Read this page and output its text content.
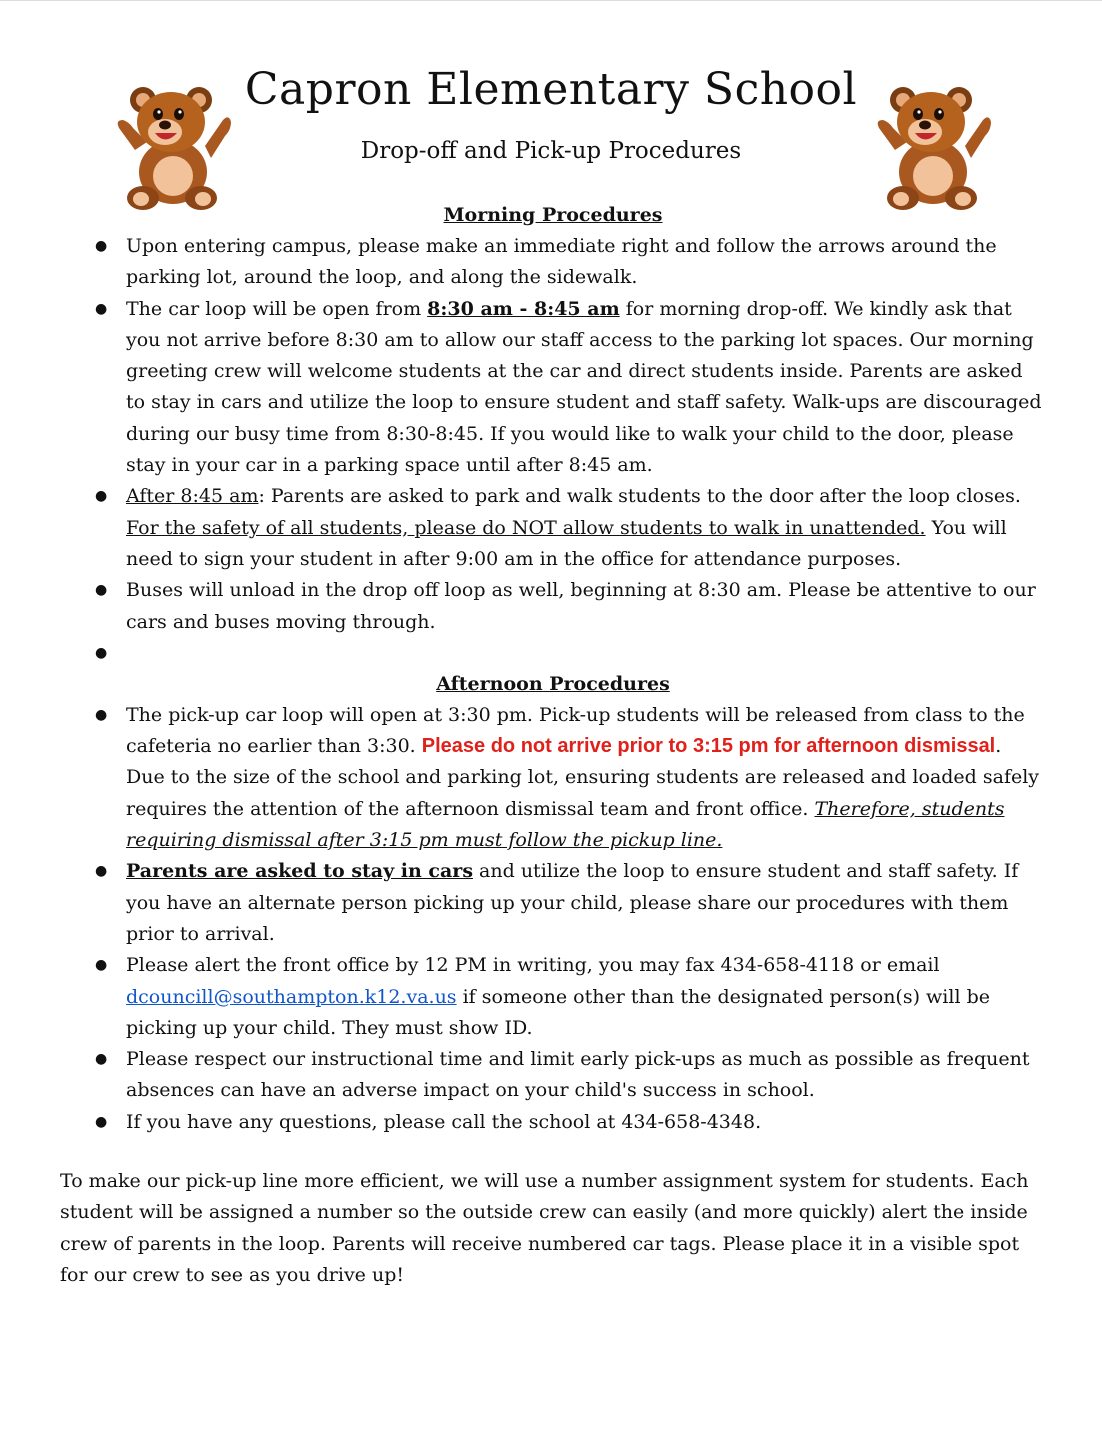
Capron Elementary School
Drop-off and Pick-up Procedures
Morning Procedures
● Upon entering campus, please make an immediate right and follow the arrows around the parking lot, around the loop, and along the sidewalk.
● The car loop will be open from 8:30 am - 8:45 am for morning drop-off. We kindly ask that you not arrive before 8:30 am to allow our staff access to the parking lot spaces. Our morning greeting crew will welcome students at the car and direct students inside. Parents are asked to stay in cars and utilize the loop to ensure student and staff safety. Walk-ups are discouraged during our busy time from 8:30-8:45. If you would like to walk your child to the door, please stay in your car in a parking space until after 8:45 am.
● After 8:45 am: Parents are asked to park and walk students to the door after the loop closes. For the safety of all students, please do NOT allow students to walk in unattended. You will need to sign your student in after 9:00 am in the office for attendance purposes.
● Buses will unload in the drop off loop as well, beginning at 8:30 am. Please be attentive to our cars and buses moving through.
●
Afternoon Procedures
● The pick-up car loop will open at 3:30 pm. Pick-up students will be released from class to the cafeteria no earlier than 3:30. Please do not arrive prior to 3:15 pm for afternoon dismissal. Due to the size of the school and parking lot, ensuring students are released and loaded safely requires the attention of the afternoon dismissal team and front office. Therefore, students requiring dismissal after 3:15 pm must follow the pickup line.
● Parents are asked to stay in cars and utilize the loop to ensure student and staff safety. If you have an alternate person picking up your child, please share our procedures with them prior to arrival.
● Please alert the front office by 12 PM in writing, you may fax 434-658-4118 or email dcouncill@southampton.k12.va.us if someone other than the designated person(s) will be picking up your child. They must show ID.
● Please respect our instructional time and limit early pick-ups as much as possible as frequent absences can have an adverse impact on your child's success in school.
● If you have any questions, please call the school at 434-658-4348.

To make our pick-up line more efficient, we will use a number assignment system for students. Each student will be assigned a number so the outside crew can easily (and more quickly) alert the inside crew of parents in the loop. Parents will receive numbered car tags. Please place it in a visible spot for our crew to see as you drive up!
